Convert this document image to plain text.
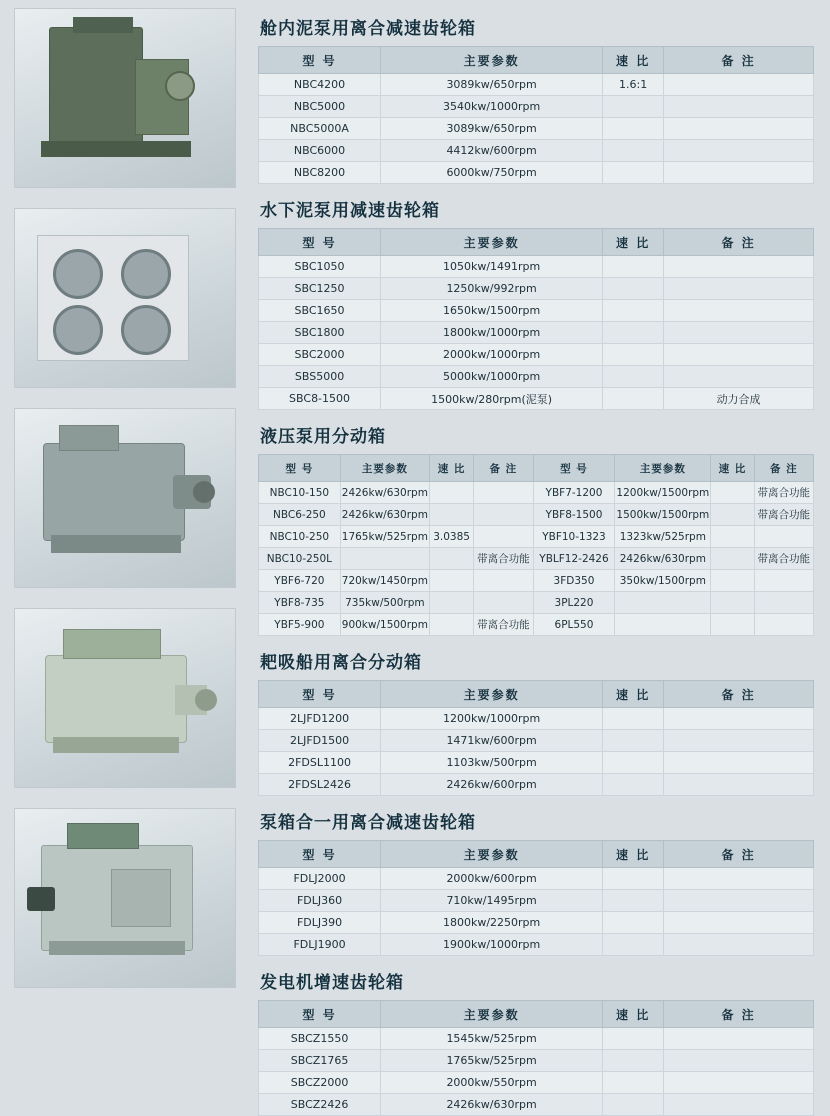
舱内泥泵用离合减速齿轮箱
型 号	主要参数	速 比	备 注
NBC4200	3089kw/650rpm	1.6:1	
NBC5000	3540kw/1000rpm		
NBC5000A	3089kw/650rpm		
NBC6000	4412kw/600rpm		
NBC8200	6000kw/750rpm		
水下泥泵用减速齿轮箱
型 号	主要参数	速 比	备 注
SBC1050	1050kw/1491rpm		
SBC1250	1250kw/992rpm		
SBC1650	1650kw/1500rpm		
SBC1800	1800kw/1000rpm		
SBC2000	2000kw/1000rpm		
SBS5000	5000kw/1000rpm		
SBC8-1500	1500kw/280rpm(泥泵)		动力合成
液压泵用分动箱
型 号	主要参数	速 比	备 注	型 号	主要参数	速 比	备 注
NBC10-150	2426kw/630rpm			YBF7-1200	1200kw/1500rpm		带离合功能
NBC6-250	2426kw/630rpm			YBF8-1500	1500kw/1500rpm		带离合功能
NBC10-250	1765kw/525rpm	3.0385		YBF10-1323	1323kw/525rpm		
NBC10-250L			带离合功能	YBLF12-2426	2426kw/630rpm		带离合功能
YBF6-720	720kw/1450rpm			3FD350	350kw/1500rpm		
YBF8-735	735kw/500rpm			3PL220			
YBF5-900	900kw/1500rpm		带离合功能	6PL550			
耙吸船用离合分动箱
型 号	主要参数	速 比	备 注
2LJFD1200	1200kw/1000rpm		
2LJFD1500	1471kw/600rpm		
2FDSL1100	1103kw/500rpm		
2FDSL2426	2426kw/600rpm		
泵箱合一用离合减速齿轮箱
型 号	主要参数	速 比	备 注
FDLJ2000	2000kw/600rpm		
FDLJ360	710kw/1495rpm		
FDLJ390	1800kw/2250rpm		
FDLJ1900	1900kw/1000rpm		
发电机增速齿轮箱
型 号	主要参数	速 比	备 注
SBCZ1550	1545kw/525rpm		
SBCZ1765	1765kw/525rpm		
SBCZ2000	2000kw/550rpm		
SBCZ2426	2426kw/630rpm		
